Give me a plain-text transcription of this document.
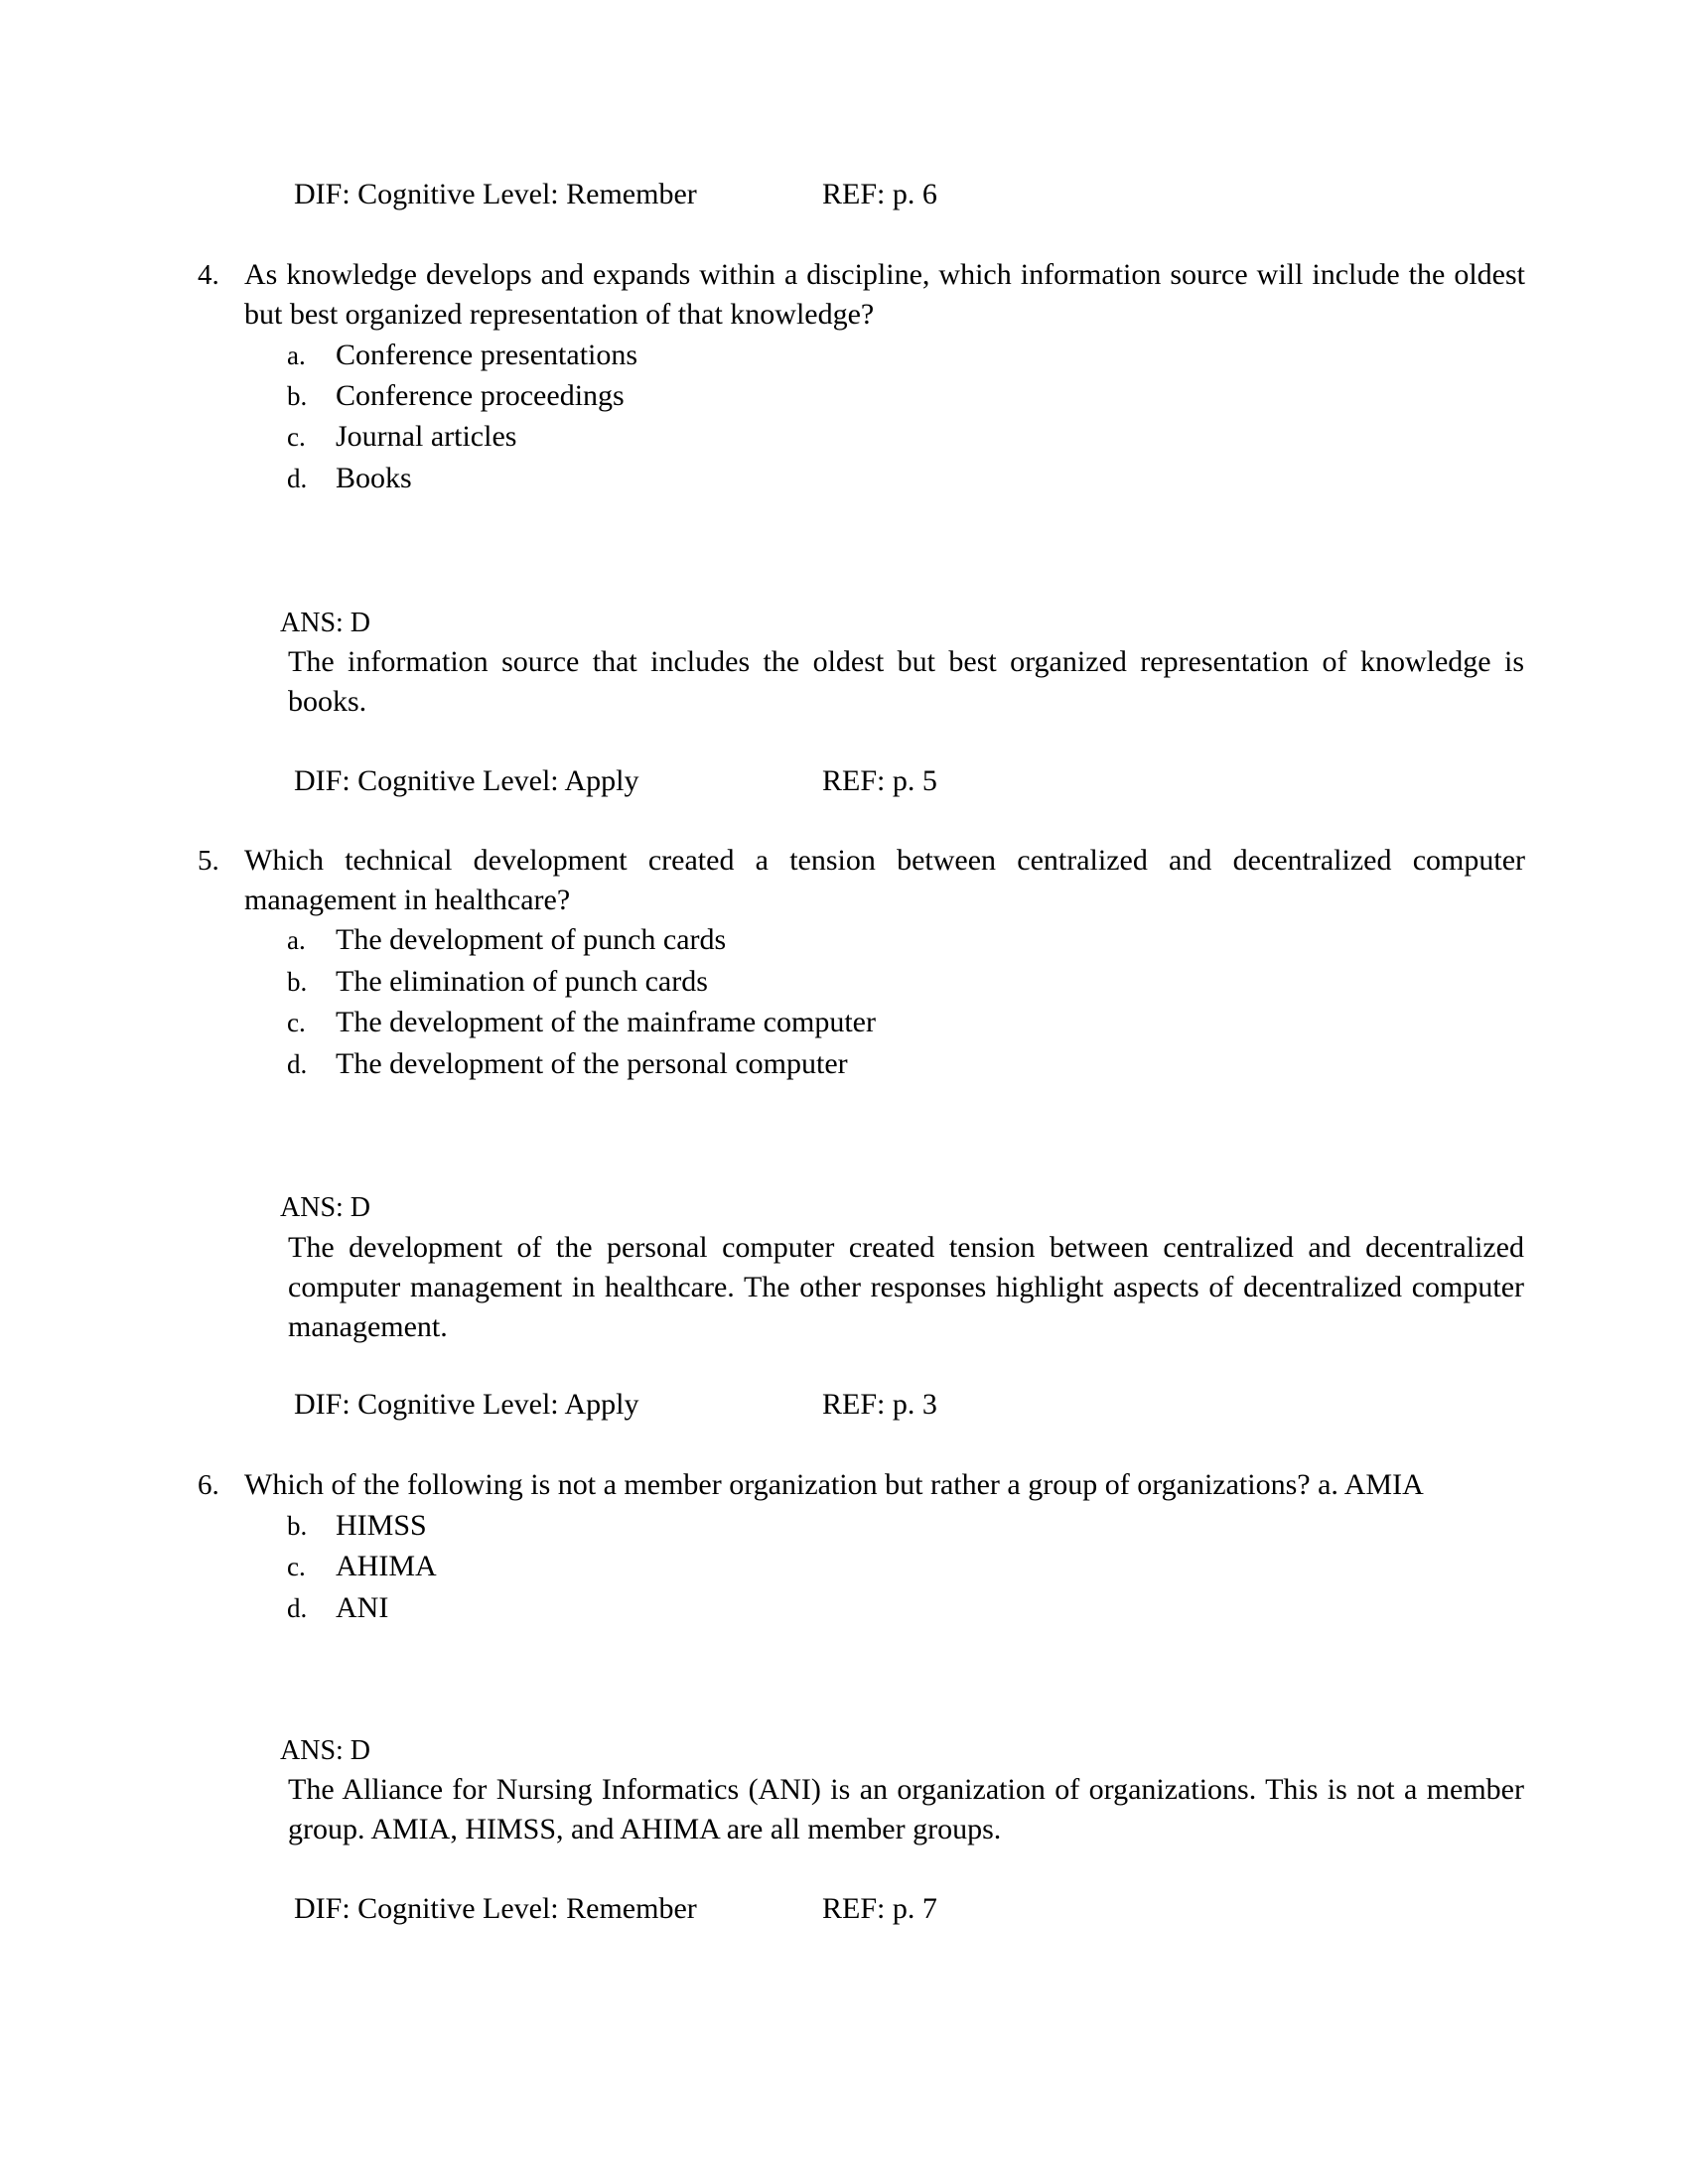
DIF: Cognitive Level: Remember	REF: p. 6
4. As knowledge develops and expands within a discipline, which information source will include the oldest but best organized representation of that knowledge?
a. Conference presentations
b. Conference proceedings
c. Journal articles
d. Books
ANS: D
The information source that includes the oldest but best organized representation of knowledge is books.
DIF: Cognitive Level: Apply	REF: p. 5
5. Which technical development created a tension between centralized and decentralized computer management in healthcare?
a. The development of punch cards
b. The elimination of punch cards
c. The development of the mainframe computer
d. The development of the personal computer
ANS: D
The development of the personal computer created tension between centralized and decentralized computer management in healthcare. The other responses highlight aspects of decentralized computer management.
DIF: Cognitive Level: Apply	REF: p. 3
6. Which of the following is not a member organization but rather a group of organizations? a. AMIA
b. HIMSS
c. AHIMA
d. ANI
ANS: D
The Alliance for Nursing Informatics (ANI) is an organization of organizations. This is not a member group. AMIA, HIMSS, and AHIMA are all member groups.
DIF: Cognitive Level: Remember	REF: p. 7
